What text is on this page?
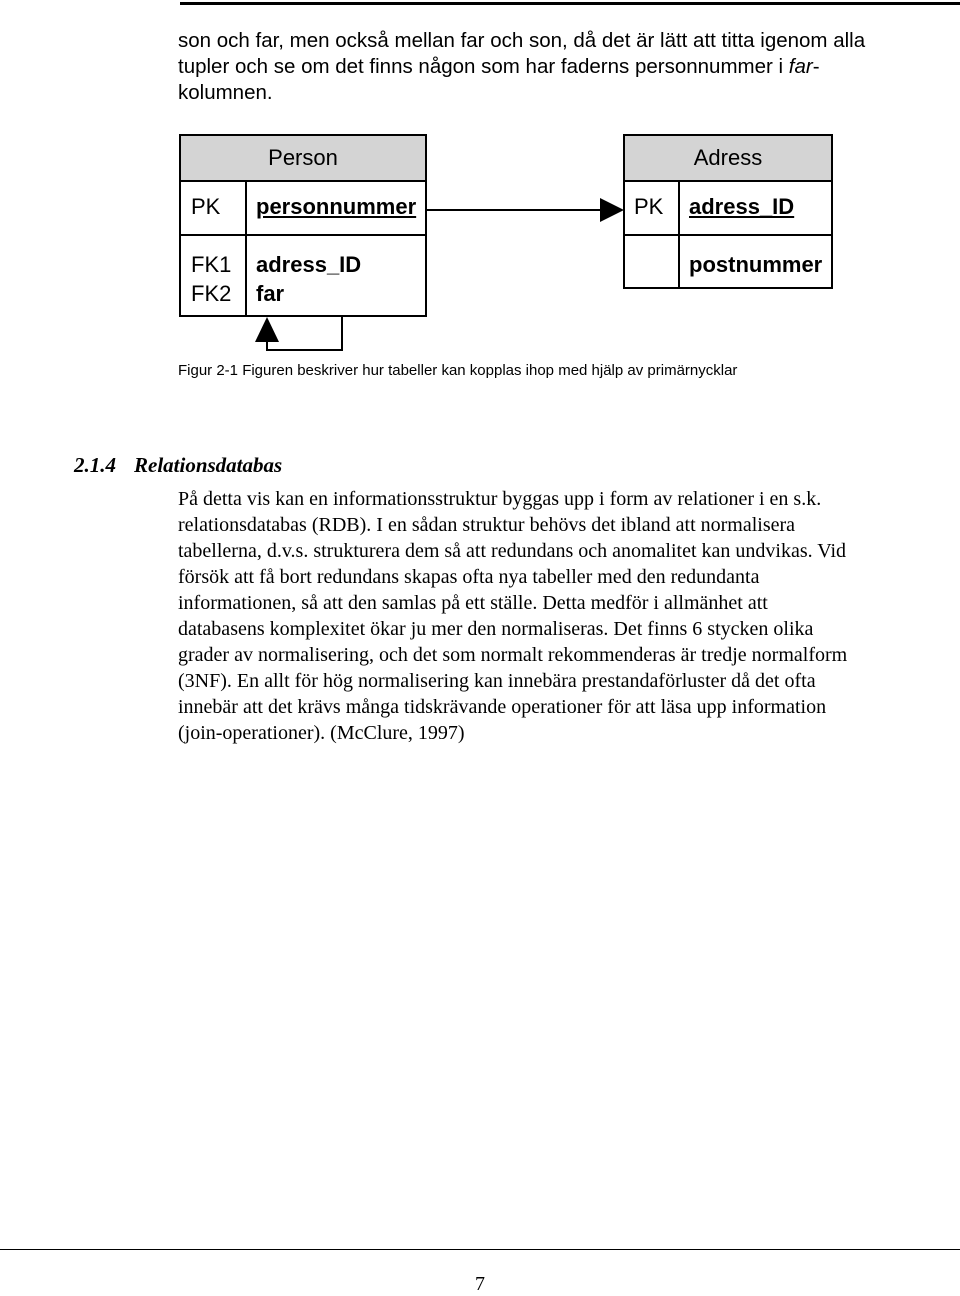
son och far, men också mellan far och son, då det är lätt att titta igenom alla tupler och se om det finns någon som har faderns personnummer i far-kolumnen.

Person
PK personnummer
FK1
FK2
adress_ID
far
Adress
PK adress_ID
postnummer
Figur 2-1 Figuren beskriver hur tabeller kan kopplas ihop med hjälp av primärnycklar
2.1.4 Relationsdatabas

På detta vis kan en informationsstruktur byggas upp i form av relationer i en s.k. relationsdatabas (RDB). I en sådan struktur behövs det ibland att normalisera tabellerna, d.v.s. strukturera dem så att redundans och anomalitet kan undvikas. Vid försök att få bort redundans skapas ofta nya tabeller med den redundanta informationen, så att den samlas på ett ställe. Detta medför i allmänhet att databasens komplexitet ökar ju mer den normaliseras. Det finns 6 stycken olika grader av normalisering, och det som normalt rekommenderas är tredje normalform (3NF). En allt för hög normalisering kan innebära prestandaförluster då det ofta innebär att det krävs många tidskrävande operationer för att läsa upp information (join-operationer). (McClure, 1997)

7
